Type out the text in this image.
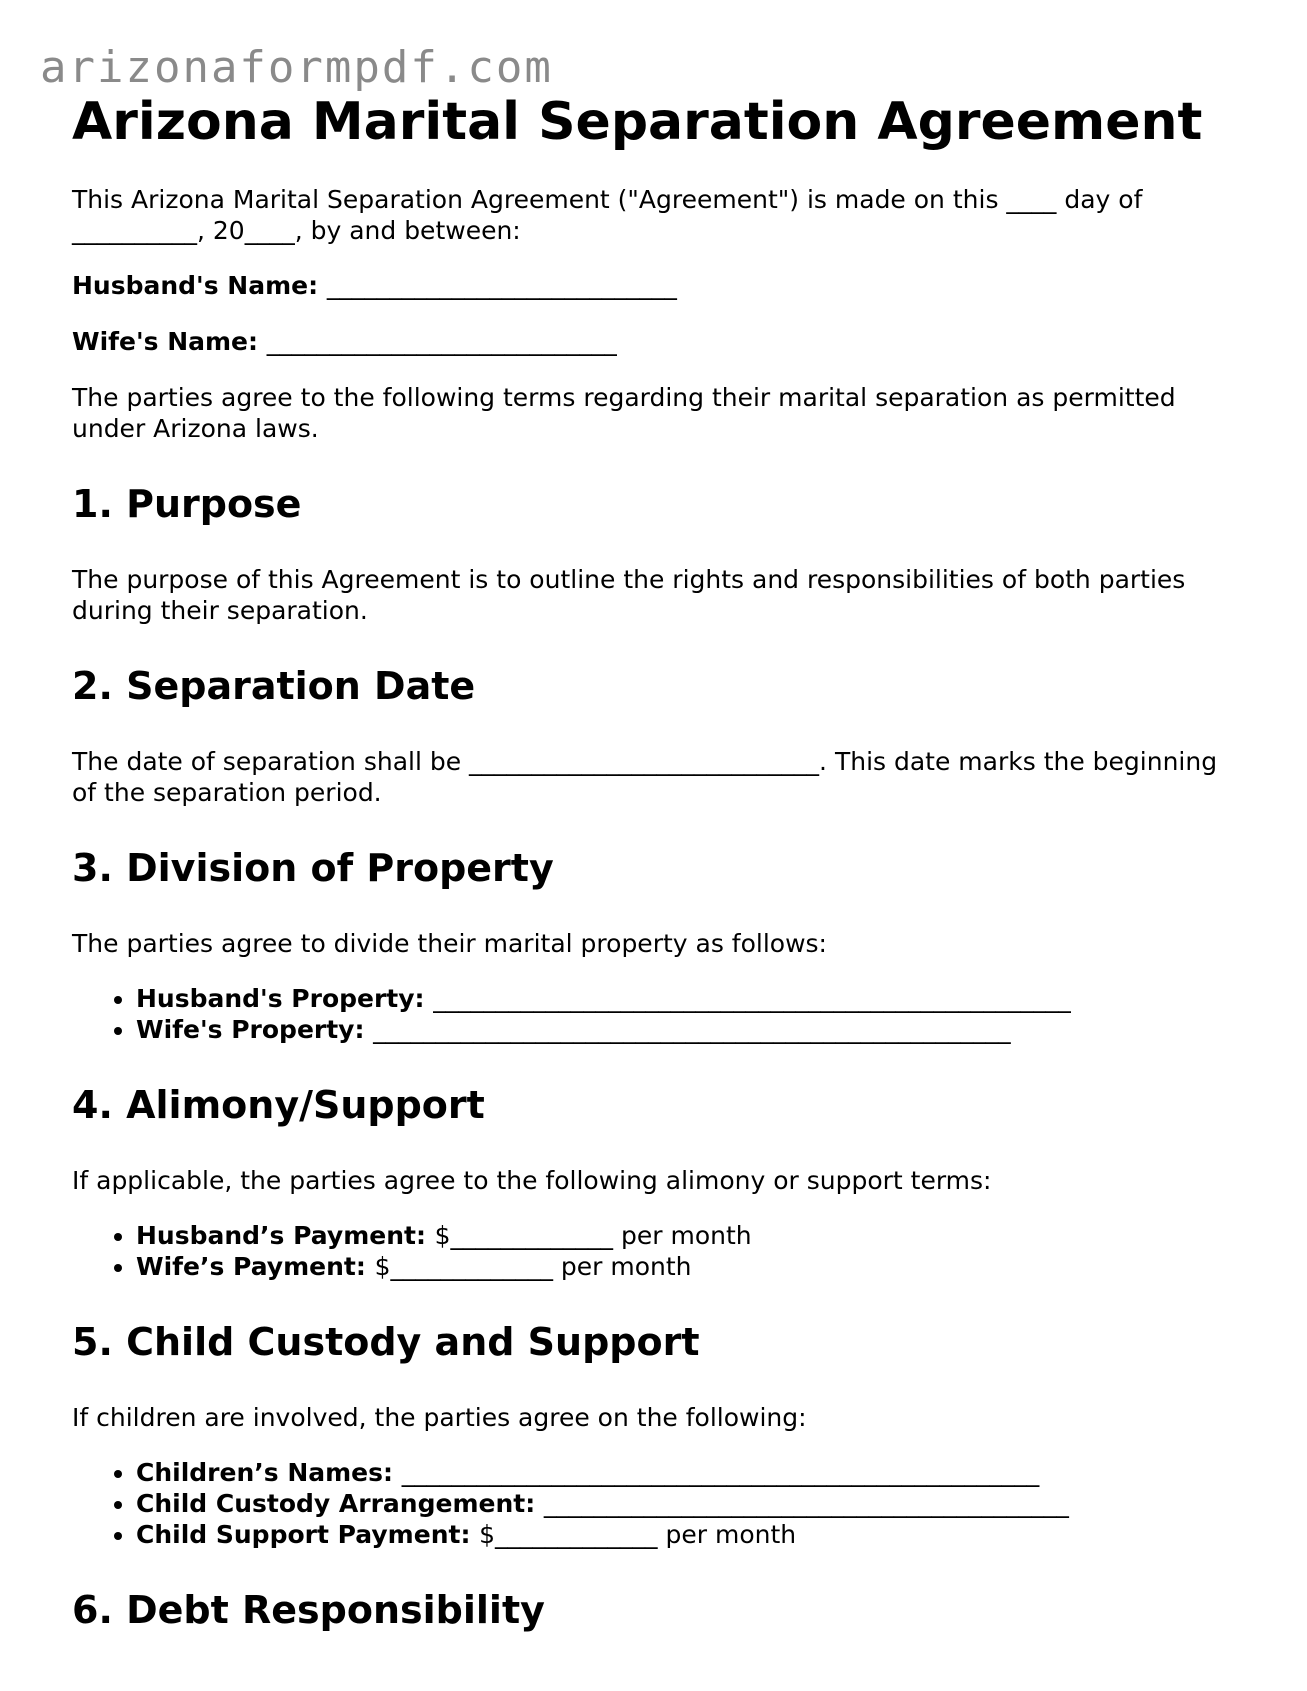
arizonaformpdf.com
Arizona Marital Separation Agreement

This Arizona Marital Separation Agreement ("Agreement") is made on this ____ day of __________, 20____, by and between:

Husband's Name: ____________________________
Wife's Name: ____________________________

The parties agree to the following terms regarding their marital separation as permitted under Arizona laws.

1. Purpose

The purpose of this Agreement is to outline the rights and responsibilities of both parties during their separation.

2. Separation Date

The date of separation shall be ____________________________. This date marks the beginning of the separation period.

3. Division of Property

The parties agree to divide their marital property as follows:

• Husband's Property: ___________________________________________________
• Wife's Property: ___________________________________________________
4. Alimony/Support

If applicable, the parties agree to the following alimony or support terms:

• Husband’s Payment: $_____________ per month
• Wife’s Payment: $_____________ per month
5. Child Custody and Support

If children are involved, the parties agree on the following:

• Children’s Names: ___________________________________________________
• Child Custody Arrangement: __________________________________________
• Child Support Payment: $_____________ per month
6. Debt Responsibility
